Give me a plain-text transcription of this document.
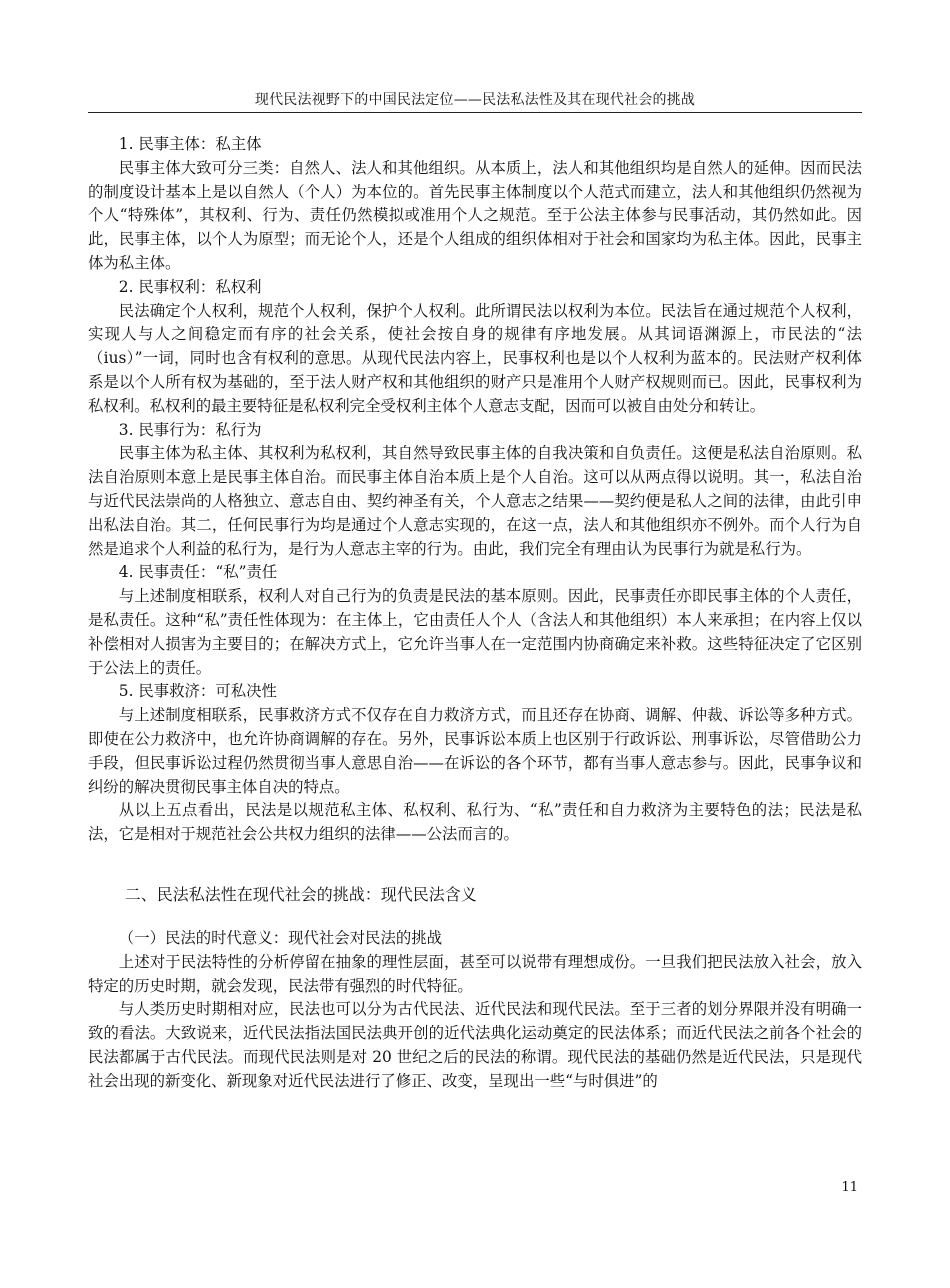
现代民法视野下的中国民法定位——民法私法性及其在现代社会的挑战

1. 民事主体：私主体

民事主体大致可分三类：自然人、法人和其他组织。从本质上，法人和其他组织均是自然人的延伸。因而民法的制度设计基本上是以自然人（个人）为本位的。首先民事主体制度以个人范式而建立，法人和其他组织仍然视为个人“特殊体”，其权利、行为、责任仍然模拟或准用个人之规范。至于公法主体参与民事活动，其仍然如此。因此，民事主体，以个人为原型；而无论个人，还是个人组成的组织体相对于社会和国家均为私主体。因此，民事主体为私主体。

2. 民事权利：私权利

民法确定个人权利，规范个人权利，保护个人权利。此所谓民法以权利为本位。民法旨在通过规范个人权利，实现人与人之间稳定而有序的社会关系，使社会按自身的规律有序地发展。从其词语渊源上，市民法的“法（ius）”一词，同时也含有权利的意思。从现代民法内容上，民事权利也是以个人权利为蓝本的。民法财产权利体系是以个人所有权为基础的，至于法人财产权和其他组织的财产只是准用个人财产权规则而已。因此，民事权利为私权利。私权利的最主要特征是私权利完全受权利主体个人意志支配，因而可以被自由处分和转让。

3. 民事行为：私行为

民事主体为私主体、其权利为私权利，其自然导致民事主体的自我决策和自负责任。这便是私法自治原则。私法自治原则本意上是民事主体自治。而民事主体自治本质上是个人自治。这可以从两点得以说明。其一，私法自治与近代民法崇尚的人格独立、意志自由、契约神圣有关，个人意志之结果——契约便是私人之间的法律，由此引申出私法自治。其二，任何民事行为均是通过个人意志实现的，在这一点，法人和其他组织亦不例外。而个人行为自然是追求个人利益的私行为，是行为人意志主宰的行为。由此，我们完全有理由认为民事行为就是私行为。

4. 民事责任：“私”责任

与上述制度相联系，权利人对自己行为的负责是民法的基本原则。因此，民事责任亦即民事主体的个人责任，是私责任。这种“私”责任性体现为：在主体上，它由责任人个人（含法人和其他组织）本人来承担；在内容上仅以补偿相对人损害为主要目的；在解决方式上，它允许当事人在一定范围内协商确定来补救。这些特征决定了它区别于公法上的责任。

5. 民事救济：可私决性

与上述制度相联系，民事救济方式不仅存在自力救济方式，而且还存在协商、调解、仲裁、诉讼等多种方式。即使在公力救济中，也允许协商调解的存在。另外，民事诉讼本质上也区别于行政诉讼、刑事诉讼，尽管借助公力手段，但民事诉讼过程仍然贯彻当事人意思自治——在诉讼的各个环节，都有当事人意志参与。因此，民事争议和纠纷的解决贯彻民事主体自决的特点。

从以上五点看出，民法是以规范私主体、私权利、私行为、“私”责任和自力救济为主要特色的法；民法是私法，它是相对于规范社会公共权力组织的法律——公法而言的。

二、民法私法性在现代社会的挑战：现代民法含义

（一）民法的时代意义：现代社会对民法的挑战

上述对于民法特性的分析停留在抽象的理性层面，甚至可以说带有理想成份。一旦我们把民法放入社会，放入特定的历史时期，就会发现，民法带有强烈的时代特征。

与人类历史时期相对应，民法也可以分为古代民法、近代民法和现代民法。至于三者的划分界限并没有明确一致的看法。大致说来，近代民法指法国民法典开创的近代法典化运动奠定的民法体系；而近代民法之前各个社会的民法都属于古代民法。而现代民法则是对 20 世纪之后的民法的称谓。现代民法的基础仍然是近代民法，只是现代社会出现的新变化、新现象对近代民法进行了修正、改变，呈现出一些“与时俱进”的

11
